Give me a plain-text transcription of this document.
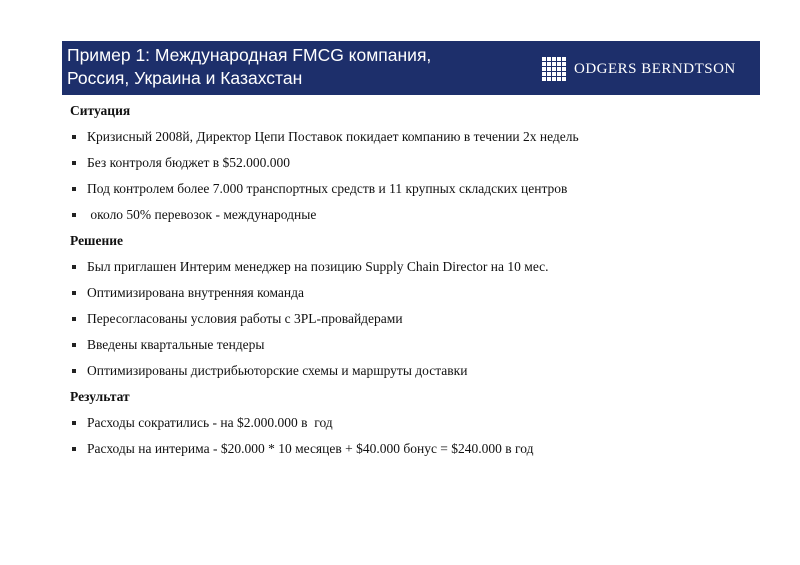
Пример 1: Международная FMCG компания,
Россия, Украина и Казахстан	ODGERS BERNDTSON
Ситуация
Кризисный 2008й, Директор Цепи Поставок покидает компанию в течении 2х недель
Без контроля бюджет в $52.000.000
Под контролем более 7.000 транспортных средств и 11 крупных складских центров
около 50% перевозок - международные
Решение
Был приглашен Интерим менеджер на позицию Supply Chain Director на 10 мес.
Оптимизирована внутренняя команда
Пересогласованы условия работы с 3PL-провайдерами
Введены квартальные тендеры
Оптимизированы дистрибьюторские схемы и маршруты доставки
Результат
Расходы сократились - на $2.000.000 в  год
Расходы на интерима - $20.000 * 10 месяцев + $40.000 бонус = $240.000 в год
